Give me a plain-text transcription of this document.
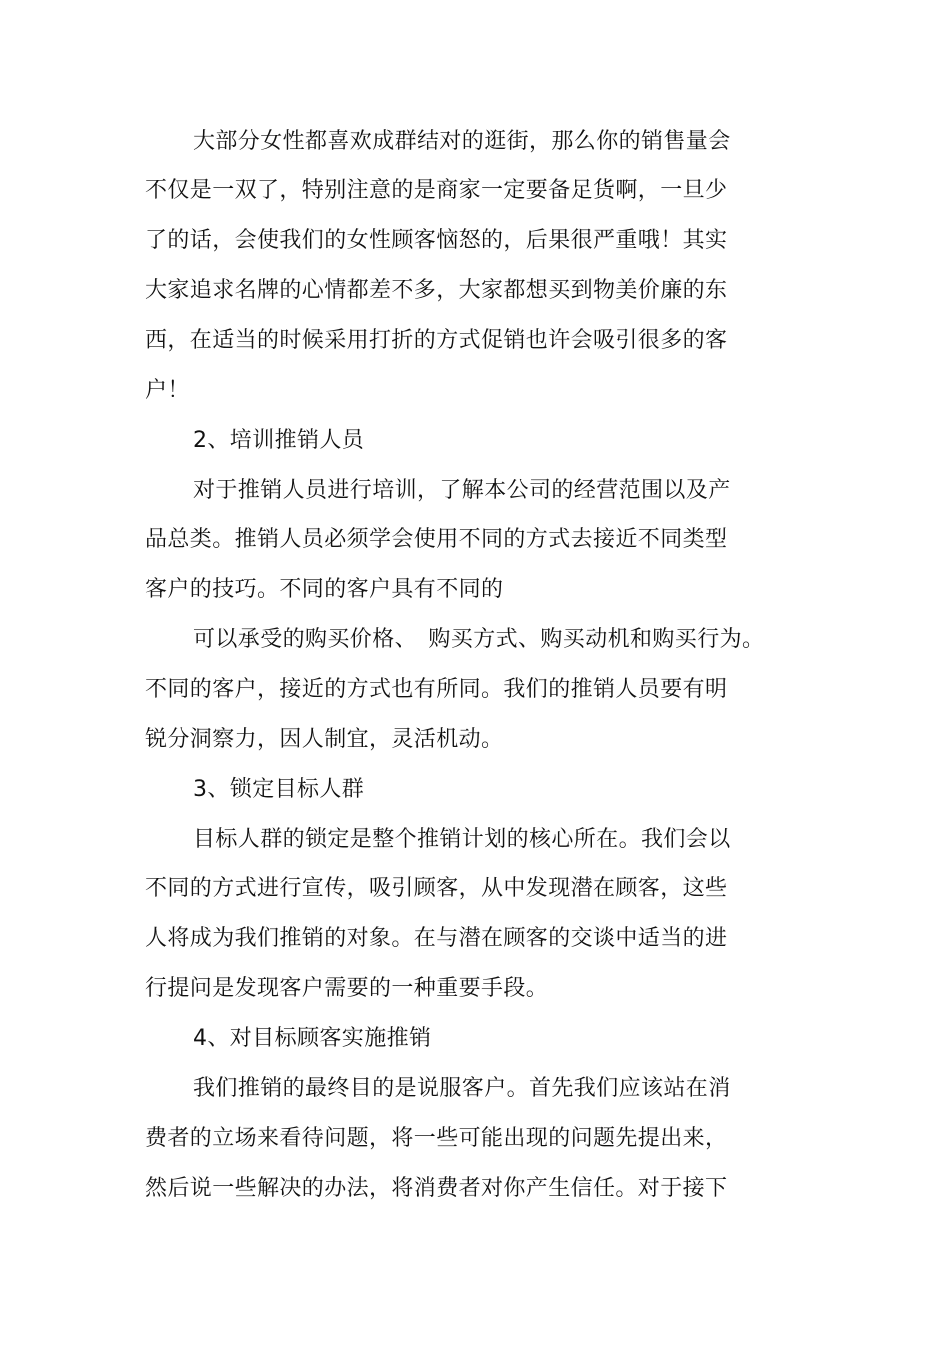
大部分女性都喜欢成群结对的逛街，那么你的销售量会
不仅是一双了，特别注意的是商家一定要备足货啊，一旦少
了的话，会使我们的女性顾客恼怒的，后果很严重哦！其实
大家追求名牌的心情都差不多，大家都想买到物美价廉的东
西，在适当的时候采用打折的方式促销也许会吸引很多的客
户！
2、培训推销人员
对于推销人员进行培训，了解本公司的经营范围以及产
品总类。推销人员必须学会使用不同的方式去接近不同类型
客户的技巧。不同的客户具有不同的
可以承受的购买价格、　购买方式、购买动机和购买行为。
不同的客户，接近的方式也有所同。我们的推销人员要有明
锐分洞察力，因人制宜，灵活机动。
3、锁定目标人群
目标人群的锁定是整个推销计划的核心所在。我们会以
不同的方式进行宣传，吸引顾客，从中发现潜在顾客，这些
人将成为我们推销的对象。在与潜在顾客的交谈中适当的进
行提问是发现客户需要的一种重要手段。
4、对目标顾客实施推销
我们推销的最终目的是说服客户。首先我们应该站在消
费者的立场来看待问题，将一些可能出现的问题先提出来，
然后说一些解决的办法，将消费者对你产生信任。对于接下
